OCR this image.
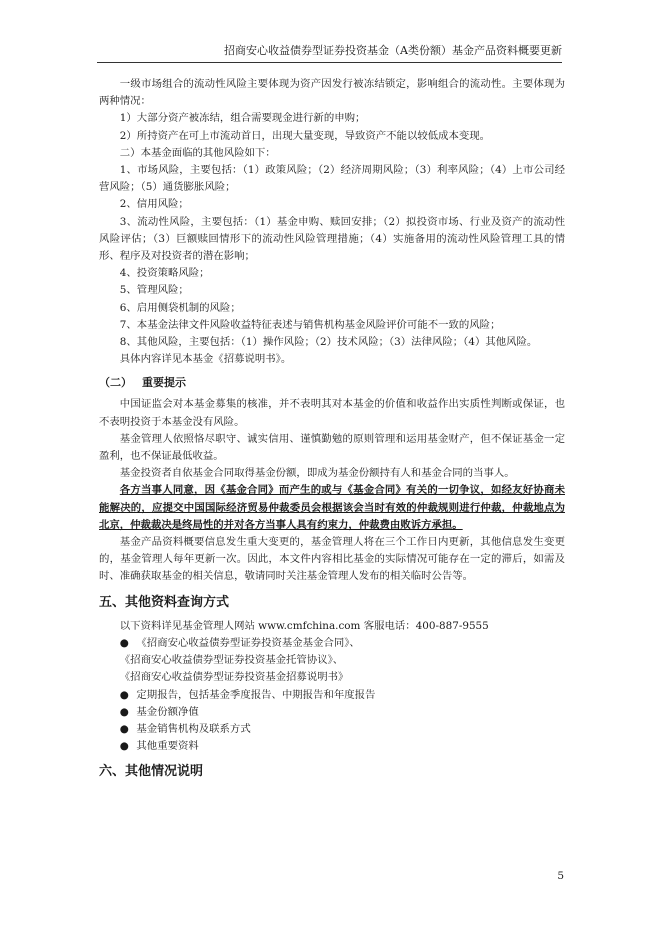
招商安心收益债券型证券投资基金（A类份额）基金产品资料概要更新

一级市场组合的流动性风险主要体现为资产因发行被冻结锁定，影响组合的流动性。主要体现为两种情况：

1）大部分资产被冻结，组合需要现金进行新的申购；

2）所持资产在可上市流动首日，出现大量变现，导致资产不能以较低成本变现。

二）本基金面临的其他风险如下：

1、市场风险，主要包括：（1）政策风险；（2）经济周期风险；（3）利率风险；（4）上市公司经营风险；（5）通货膨胀风险；

2、信用风险；

3、流动性风险，主要包括：（1）基金申购、赎回安排；（2）拟投资市场、行业及资产的流动性风险评估；（3）巨额赎回情形下的流动性风险管理措施；（4）实施备用的流动性风险管理工具的情形、程序及对投资者的潜在影响；

4、投资策略风险；

5、管理风险；

6、启用侧袋机制的风险；

7、本基金法律文件风险收益特征表述与销售机构基金风险评价可能不一致的风险；

8、其他风险，主要包括：（1）操作风险；（2）技术风险；（3）法律风险；（4）其他风险。

具体内容详见本基金《招募说明书》。

（二） 重要提示

中国证监会对本基金募集的核准，并不表明其对本基金的价值和收益作出实质性判断或保证，也不表明投资于本基金没有风险。

基金管理人依照恪尽职守、诚实信用、谨慎勤勉的原则管理和运用基金财产，但不保证基金一定盈利，也不保证最低收益。

基金投资者自依基金合同取得基金份额，即成为基金份额持有人和基金合同的当事人。

各方当事人同意，因《基金合同》而产生的或与《基金合同》有关的一切争议，如经友好协商未能解决的，应提交中国国际经济贸易仲裁委员会根据该会当时有效的仲裁规则进行仲裁，仲裁地点为北京，仲裁裁决是终局性的并对各方当事人具有约束力，仲裁费由败诉方承担。

基金产品资料概要信息发生重大变更的，基金管理人将在三个工作日内更新，其他信息发生变更的，基金管理人每年更新一次。因此，本文件内容相比基金的实际情况可能存在一定的滞后，如需及时、准确获取基金的相关信息，敬请同时关注基金管理人发布的相关临时公告等。

五、其他资料查询方式

以下资料详见基金管理人网站 www.cmfchina.com 客服电话：400-887-9555

● 《招商安心收益债券型证券投资基金基金合同》、

《招商安心收益债券型证券投资基金托管协议》、

《招商安心收益债券型证券投资基金招募说明书》

● 定期报告，包括基金季度报告、中期报告和年度报告

● 基金份额净值

● 基金销售机构及联系方式

● 其他重要资料

六、其他情况说明
5
